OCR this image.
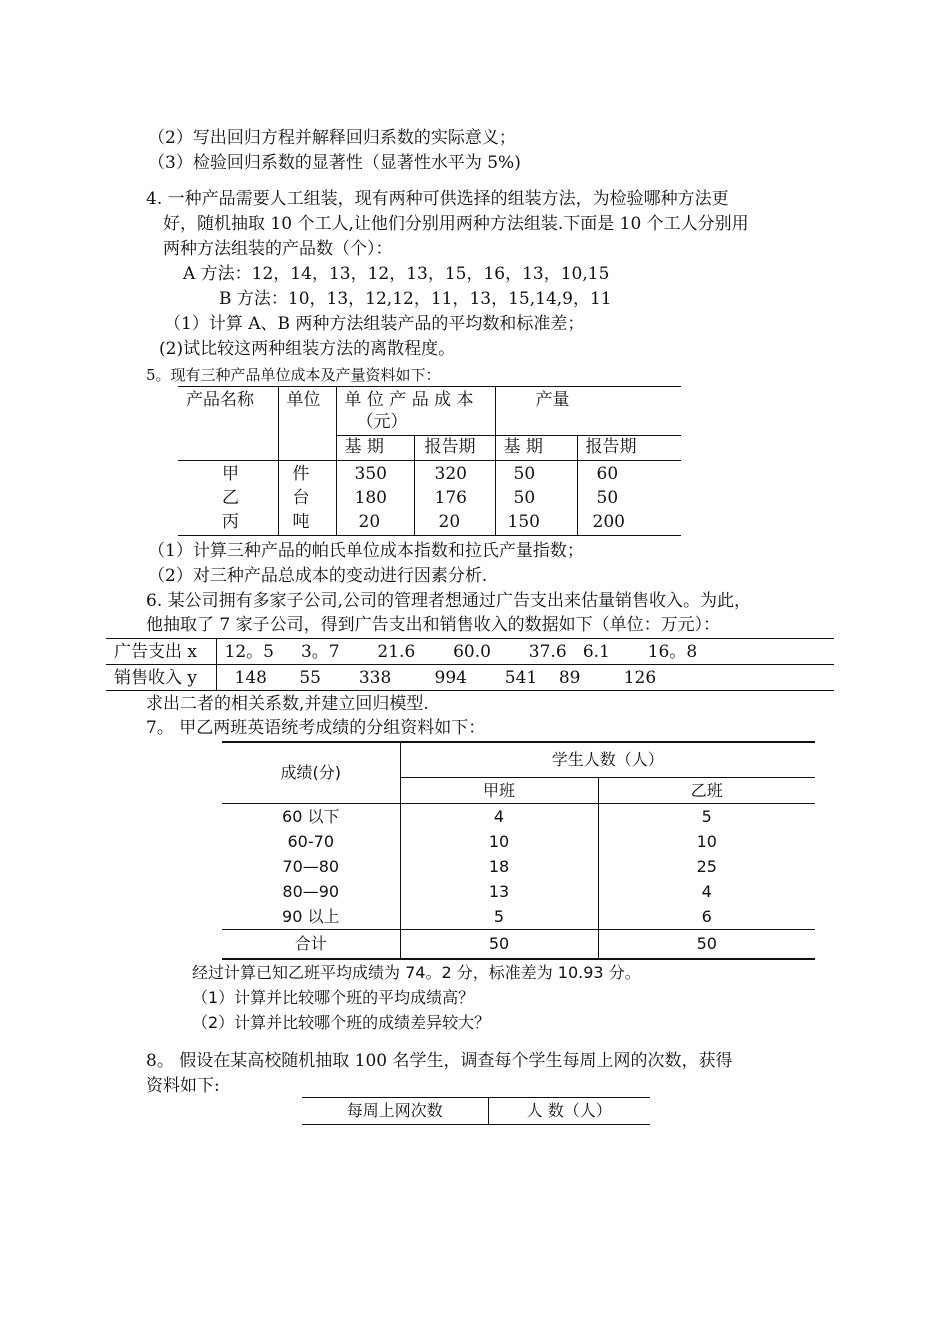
（2）写出回归方程并解释回归系数的实际意义；
（3）检验回归系数的显著性（显著性水平为 5%)
4. 一种产品需要人工组装，现有两种可供选择的组装方法，为检验哪种方法更
好，随机抽取 10 个工人,让他们分别用两种方法组装.下面是 10 个工人分别用
两种方法组装的产品数（个）：
A 方法：12，14，13，12，13，15，16，13，10,15
B 方法：10，13，12,12，11，13，15,14,9，11
（1）计算 A、B 两种方法组装产品的平均数和标准差；
(2)试比较这两种组装方法的离散程度。
5。现有三种产品单位成本及产量资料如下：
产品名称	单位	单 位 产 品 成 本
（元）		产量	
		基 期	报告期	基 期	报告期
甲	件	350	320	50	60
乙	台	180	176	50	50
丙	吨	20	20	150	200
（1）计算三种产品的帕氏单位成本指数和拉氏产量指数；
（2）对三种产品总成本的变动进行因素分析.
6. 某公司拥有多家子公司,公司的管理者想通过广告支出来估量销售收入。为此，
他抽取了 7 家子公司，得到广告支出和销售收入的数据如下（单位：万元）：
广告支出 x	12。5     3。7       21.6       60.0       37.6   6.1       16。8
销售收入 y	148      55       338        994       541    89        126
求出二者的相关系数,并建立回归模型.
7。 甲乙两班英语统考成绩的分组资料如下：
成绩(分)	学生人数（人）	
	甲班	乙班
60 以下	4	5
60-70	10	10
70—80	18	25
80—90	13	4
90 以上	5	6
合计	50	50
经过计算已知乙班平均成绩为 74。2 分，标准差为 10.93 分。
（1）计算并比较哪个班的平均成绩高？
（2）计算并比较哪个班的成绩差异较大？
8。 假设在某高校随机抽取 100 名学生，调查每个学生每周上网的次数，获得
资料如下:
每周上网次数	人 数（人）
